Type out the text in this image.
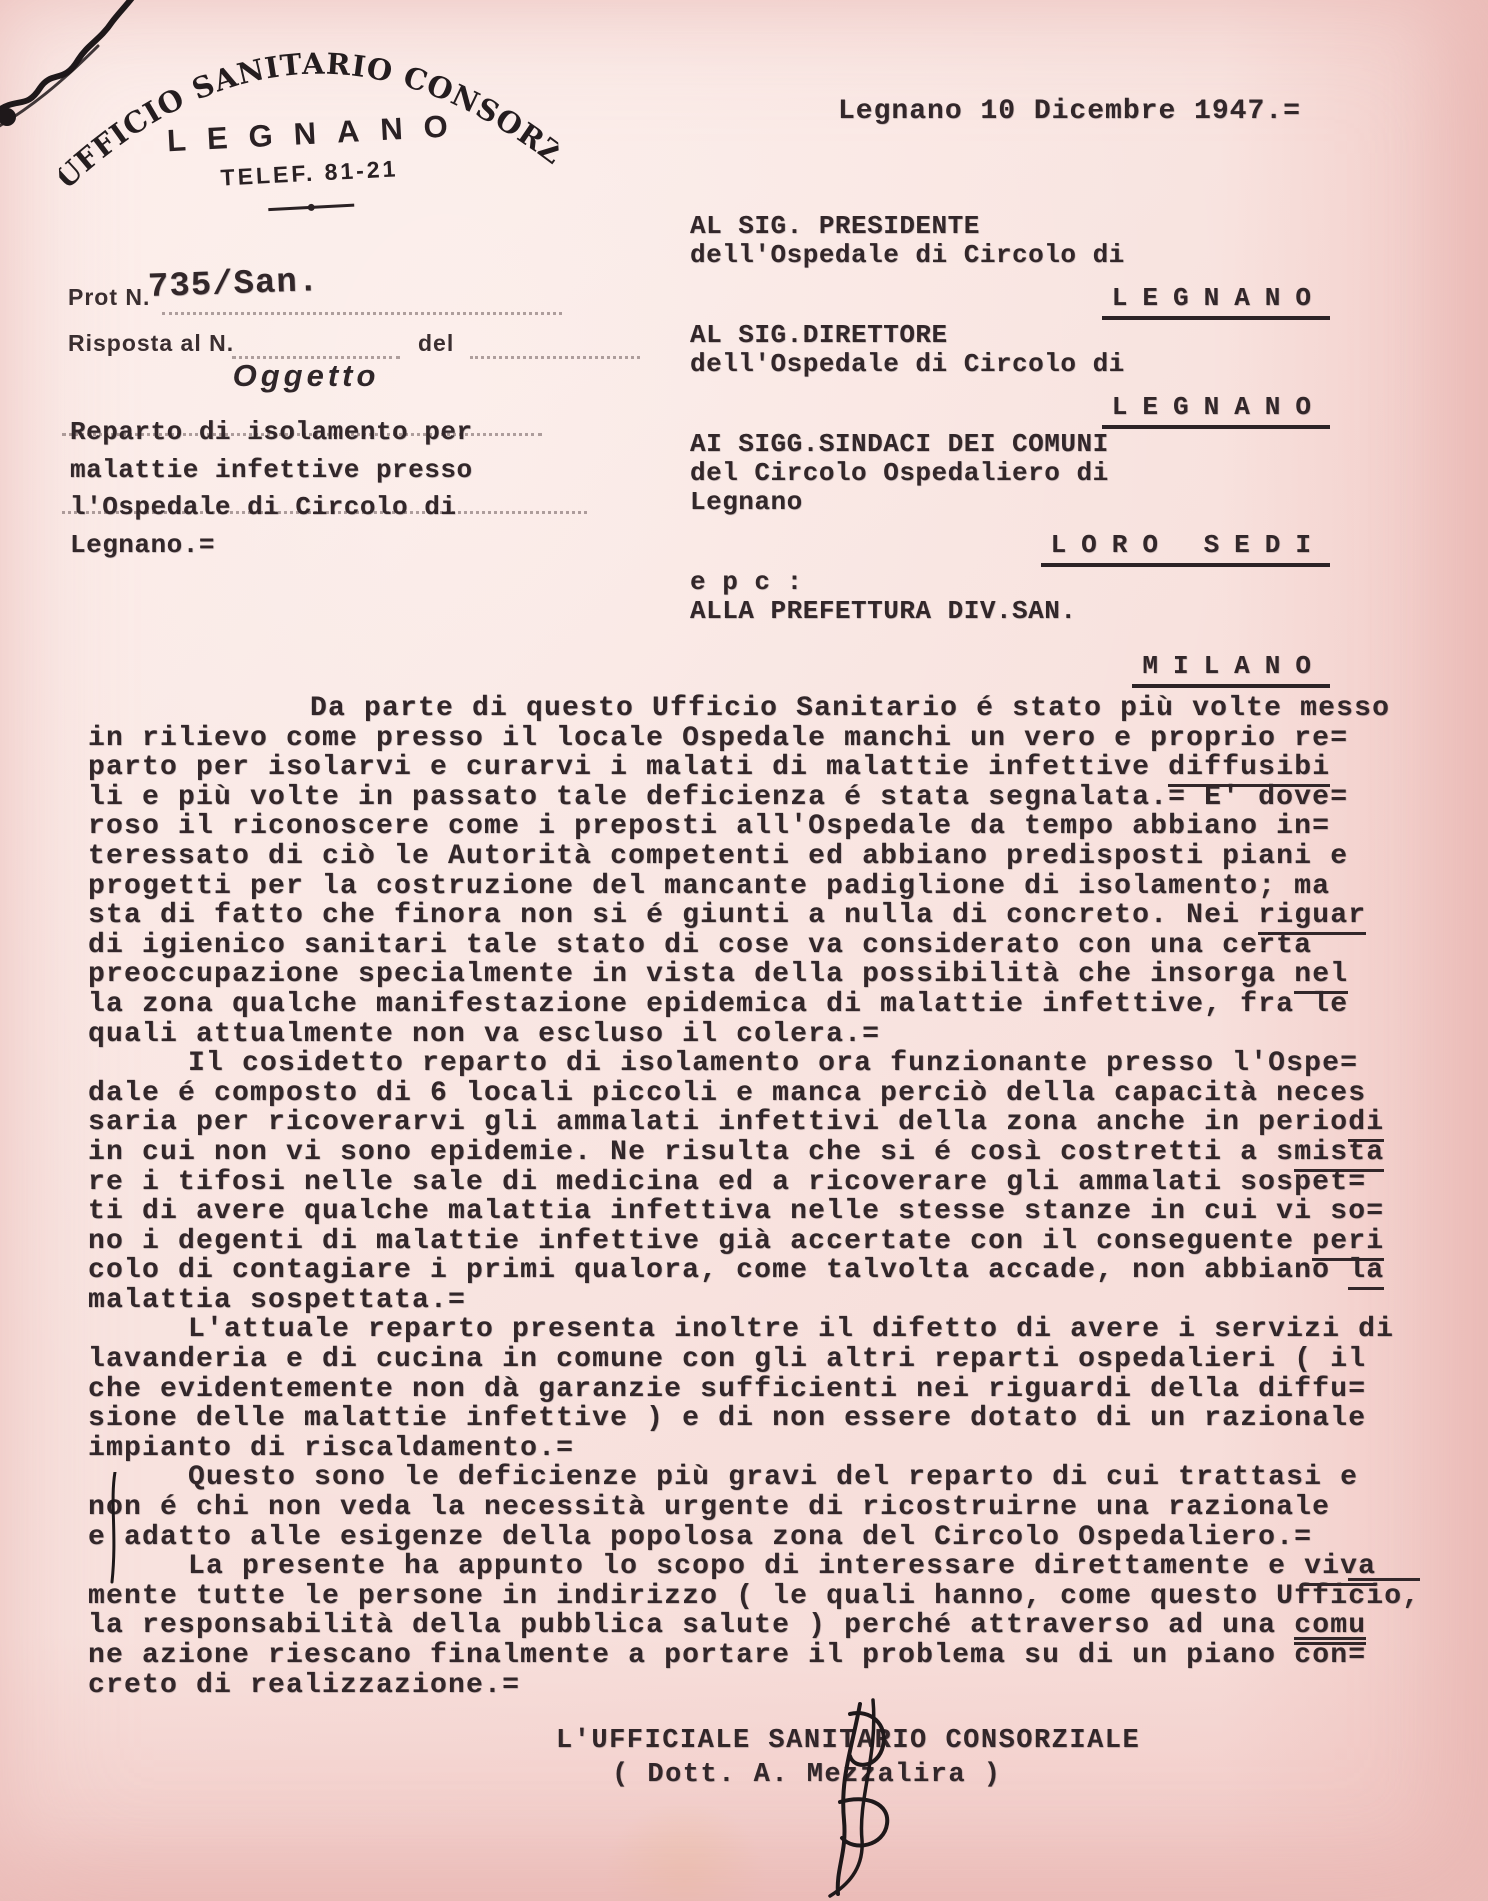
UFFICIO SANITARIO CONSORZIALE
LEGNANO
TELEF. 81-21
Legnano 10 Dicembre 1947.=
AL SIG. PRESIDENTE
dell'Ospedale di Circolo di
LEGNANO
AL SIG.DIRETTORE
dell'Ospedale di Circolo di
LEGNANO
AI SIGG.SINDACI DEI COMUNI
del Circolo Ospedaliero di
Legnano
LORO SEDI
e p c :
ALLA PREFETTURA DIV.SAN.
MILANO
Prot N.
735/San.
Risposta al N.	del
Oggetto
Reparto di isolamento per
malattie infettive presso
l'Ospedale di Circolo di
Legnano.=
Da parte di questo Ufficio Sanitario é stato più volte messo
in rilievo come presso il locale Ospedale manchi un vero e proprio re=
parto per isolarvi e curarvi i malati di malattie infettive diffusibi
li e più volte in passato tale deficienza é stata segnalata.= E' dove=
roso il riconoscere come i preposti all'Ospedale da tempo abbiano in=
teressato di ciò le Autorità competenti ed abbiano predisposti piani e
progetti per la costruzione del mancante padiglione di isolamento; ma
sta di fatto che finora non si é giunti a nulla di concreto. Nei riguar
di igienico sanitari tale stato di cose va considerato con una certa
preoccupazione specialmente in vista della possibilità che insorga nel
la zona qualche manifestazione epidemica di malattie infettive, fra le
quali attualmente non va escluso il colera.=
Il cosidetto reparto di isolamento ora funzionante presso l'Ospe=
dale é composto di 6 locali piccoli e manca perciò della capacità neces
saria per ricoverarvi gli ammalati infettivi della zona anche in periodi
in cui non vi sono epidemie. Ne risulta che si é così costretti a smista
re i tifosi nelle sale di medicina ed a ricoverare gli ammalati sospet=
ti di avere qualche malattia infettiva nelle stesse stanze in cui vi so=
no i degenti di malattie infettive già accertate con il conseguente peri
colo di contagiare i primi qualora, come talvolta accade, non abbiano la
malattia sospettata.=
L'attuale reparto presenta inoltre il difetto di avere i servizi di
lavanderia e di cucina in comune con gli altri reparti ospedalieri ( il
che evidentemente non dà garanzie sufficienti nei riguardi della diffu=
sione delle malattie infettive ) e di non essere dotato di un razionale
impianto di riscaldamento.=
Questo sono le deficienze più gravi del reparto di cui trattasi e
non é chi non veda la necessità urgente di ricostruirne una razionale
e adatto alle esigenze della popolosa zona del Circolo Ospedaliero.=
La presente ha appunto lo scopo di interessare direttamente e viva
mente tutte le persone in indirizzo ( le quali hanno, come questo Ufficio,
la responsabilità della pubblica salute ) perché attraverso ad una comu
ne azione riescano finalmente a portare il problema su di un piano con=
creto di realizzazione.=
L'UFFICIALE SANITARIO CONSORZIALE
( Dott. A. Mezzalira )
